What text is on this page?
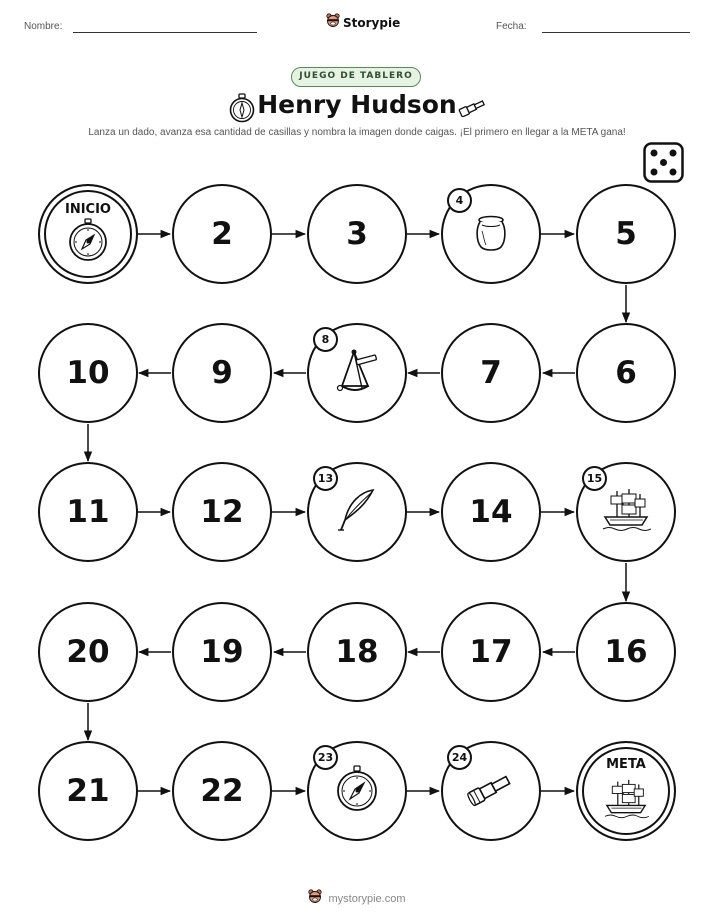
Nombre:	Storypie	Fecha:
JUEGO DE TABLERO
Henry Hudson
Lanza un dado, avanza esa cantidad de casillas y nombra la imagen donde caigas. ¡El primero en llegar a la META gana!
INICIO
2	3
4
5
10	9
8
7	6
11	12
13
14
15
20	19	18	17	16
21	22
23	24	META
mystorypie.com
